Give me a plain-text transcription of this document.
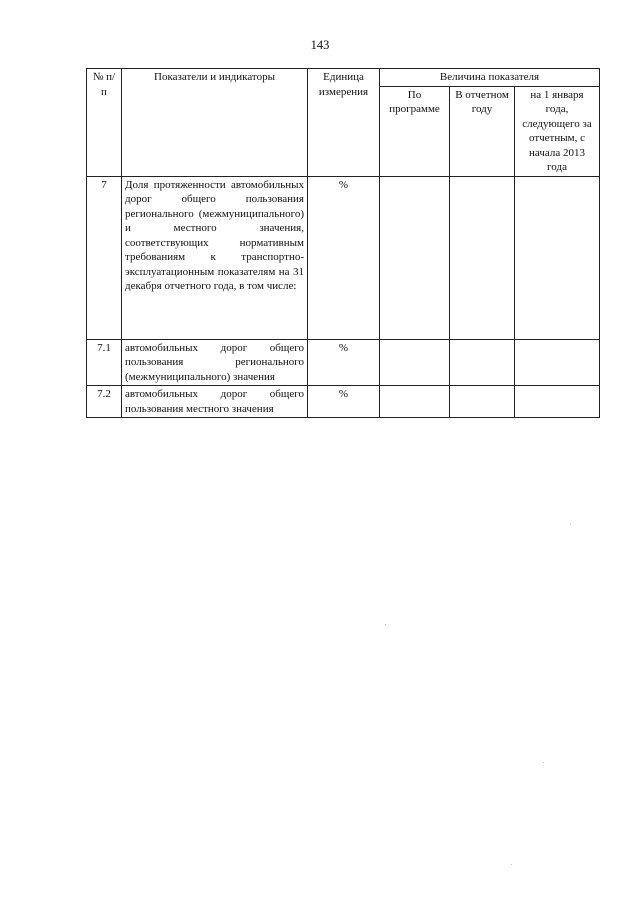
143
№ п/п	Показатели и индикаторы	Единица измерения	Величина показателя		
			По программе	В отчетном году	на 1 января года, следующего за отчетным, с начала 2013 года
7	Доля протяженности автомобильных дорог общего пользования регионального (межмуниципального) и местного значения, соответствующих нормативным требованиям к транспортно-эксплуатационным показателям на 31 декабря отчетного года, в том числе:	%			
7.1	автомобильных дорог общего пользования регионального (межмуниципального) значения	%			
7.2	автомобильных дорог общего пользования местного значения	%			
